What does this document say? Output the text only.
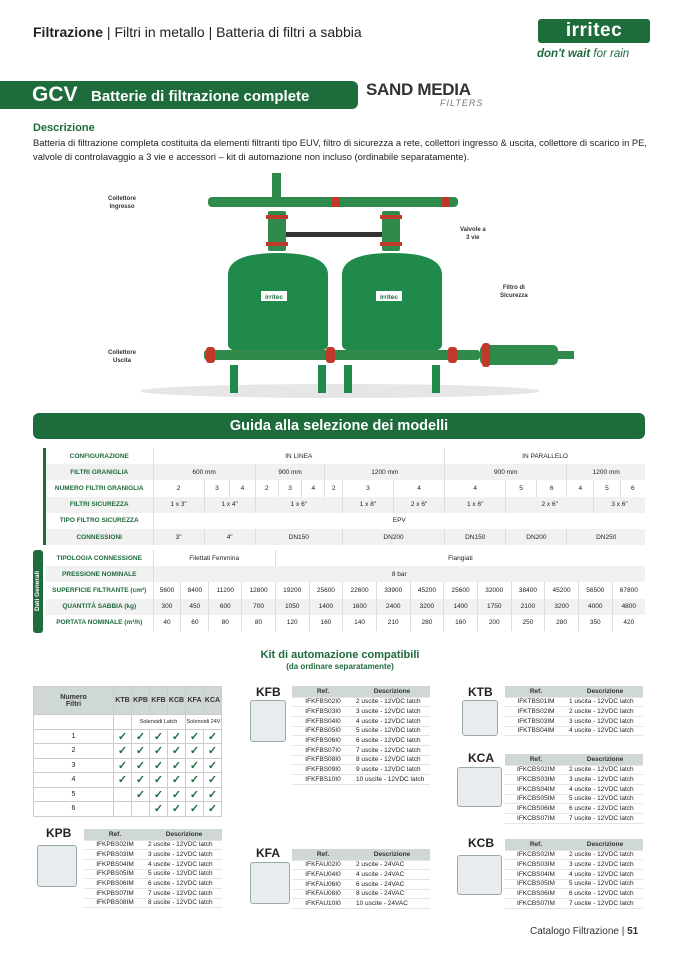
Filtrazione | Filtri in metallo | Batteria di filtri a sabbia	irritec
don't wait for rain
GCV Batterie di filtrazione complete	SAND MEDIA
FILTERS
Descrizione
Batteria di filtrazione completa costituita da elementi filtranti tipo EUV, filtro di sicurezza a rete, collettori ingresso & uscita, collettore di scarico in PE, valvole di controlavaggio a 3 vie e accessori – kit di automazione non incluso (ordinabile separatamente).
irritec	irritec
Collettore
Ingresso
Valvole a
3 vie
Filtro di
Sicurezza
Collettore
Uscita
Guida alla selezione dei modelli
CONFIGURAZIONE	IN LINEA									IN PARALLELO					
FILTRI GRANIGLIA	600 mm			900 mm			1200 mm			900 mm			1200 mm		
NUMERO FILTRI GRANIGLIA	2	3	4	2	3	4	2	3	4	4	5	6	4	5	6
FILTRI SICUREZZA	1 x 3"	1 x 4"		1 x 6"				1 x 8"	2 x 6"	1 x 6"	2 x 6"			3 x 6"	
TIPO FILTRO SICUREZZA	EPV														
CONNESSIONI	3"	4"		DN150				DN200		DN150	DN200		DN250		
Dati Generali
TIPOLOGIA CONNESSIONE	Filettati Femmina				Flangiati										
PRESSIONE NOMINALE	8 bar														
SUPERFICIE FILTRANTE (cm²)	5600	8400	11200	12800	19200	25600	22600	33900	45200	25600	32000	38400	45200	56500	67800
QUANTITÀ SABBIA (kg)	300	450	600	700	1050	1400	1600	2400	3200	1400	1750	2100	3200	4000	4800
PORTATA NOMINALE (m³/h)	40	60	80	80	120	160	140	210	280	160	200	250	280	350	420
Kit di automazione compatibili
(da ordinare separatamente)
Numero
Filtri	KTB	KPB	KFB	KCB	KFA	KCA
		Solenoidi Latch			Solenoidi 24V	
1	✓	✓	✓	✓	✓	✓
2	✓	✓	✓	✓	✓	✓
3	✓	✓	✓	✓	✓	✓
4	✓	✓	✓	✓	✓	✓
5		✓	✓	✓	✓	✓
6			✓	✓	✓	✓
KFB	Ref.	Descrizione
IFKFBS02I0	2 uscite - 12VDC latch
IFKFBS03I0	3 uscite - 12VDC latch
IFKFBS04I0	4 uscite - 12VDC latch
IFKFBS05I0	5 uscite - 12VDC latch
IFKFBS06I0	6 uscite - 12VDC latch
IFKFBS07I0	7 uscite - 12VDC latch
IFKFBS08I0	8 uscite - 12VDC latch
IFKFBS09I0	9 uscite - 12VDC latch
IFKFBS10I0	10 uscite - 12VDC latch
KTB	Ref.	Descrizione
IFKTBS01IM	1 uscita - 12VDC latch
IFKTBS02IM	2 uscite - 12VDC latch
IFKTBS03IM	3 uscite - 12VDC latch
IFKTBS04IM	4 uscite - 12VDC latch
KCA	Ref.	Descrizione
IFKCBS02IM	2 uscite - 12VDC latch
IFKCBS03IM	3 uscite - 12VDC latch
IFKCBS04IM	4 uscite - 12VDC latch
IFKCBS05IM	5 uscite - 12VDC latch
IFKCBS06IM	6 uscite - 12VDC latch
IFKCBS07IM	7 uscite - 12VDC latch
KPB	Ref.	Descrizione
IFKPBS02IM	2 uscite - 12VDC latch
IFKPBS03IM	3 uscite - 12VDC latch
IFKPBS04IM	4 uscite - 12VDC latch
IFKPBS05IM	5 uscite - 12VDC latch
IFKPBS06IM	6 uscite - 12VDC latch
IFKPBS07IM	7 uscite - 12VDC latch
IFKPBS08IM	8 uscite - 12VDC latch
KFA	Ref.	Descrizione
IFKFAU02I0	2 uscite - 24VAC
IFKFAU04I0	4 uscite - 24VAC
IFKFAU06I0	6 uscite - 24VAC
IFKFAU08I0	8 uscite - 24VAC
IFKFAU10I0	10 uscite - 24VAC
KCB	Ref.	Descrizione
IFKCBS02IM	2 uscite - 12VDC latch
IFKCBS03IM	3 uscite - 12VDC latch
IFKCBS04IM	4 uscite - 12VDC latch
IFKCBS05IM	5 uscite - 12VDC latch
IFKCBS06IM	6 uscite - 12VDC latch
IFKCBS07IM	7 uscite - 12VDC latch
Catalogo Filtrazione | 51
